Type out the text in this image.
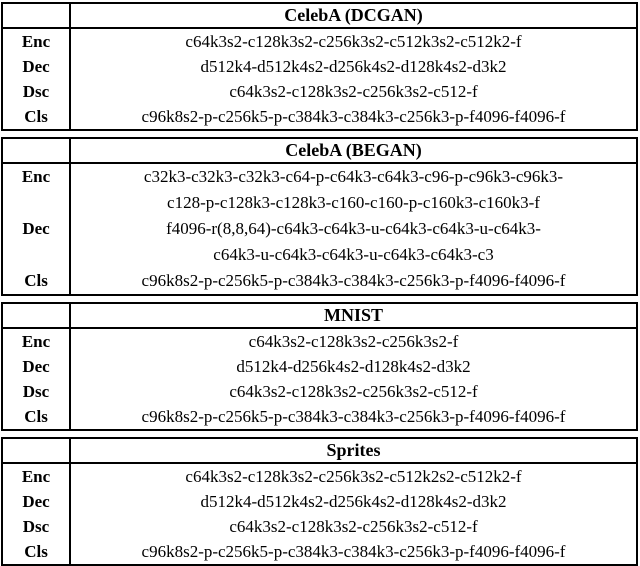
	CelebA (DCGAN)
Enc	c64k3s2-c128k3s2-c256k3s2-c512k3s2-c512k2-f

Dec	d512k4-d512k4s2-d256k4s2-d128k4s2-d3k2

Dsc	c64k3s2-c128k3s2-c256k3s2-c512-f

Cls	c96k8s2-p-c256k5-p-c384k3-c384k3-c256k3-p-f4096-f4096-f
	CelebA (BEGAN)
Enc	c32k3-c32k3-c32k3-c64-p-c64k3-c64k3-c96-p-c96k3-c96k3-
c128-p-c128k3-c128k3-c160-c160-p-c160k3-c160k3-f

Dec	f4096-r(8,8,64)-c64k3-c64k3-u-c64k3-c64k3-u-c64k3-
c64k3-u-c64k3-c64k3-u-c64k3-c64k3-c3

Cls	c96k8s2-p-c256k5-p-c384k3-c384k3-c256k3-p-f4096-f4096-f
	MNIST
Enc	c64k3s2-c128k3s2-c256k3s2-f

Dec	d512k4-d256k4s2-d128k4s2-d3k2

Dsc	c64k3s2-c128k3s2-c256k3s2-c512-f

Cls	c96k8s2-p-c256k5-p-c384k3-c384k3-c256k3-p-f4096-f4096-f
	Sprites
Enc	c64k3s2-c128k3s2-c256k3s2-c512k2s2-c512k2-f

Dec	d512k4-d512k4s2-d256k4s2-d128k4s2-d3k2

Dsc	c64k3s2-c128k3s2-c256k3s2-c512-f

Cls	c96k8s2-p-c256k5-p-c384k3-c384k3-c256k3-p-f4096-f4096-f
